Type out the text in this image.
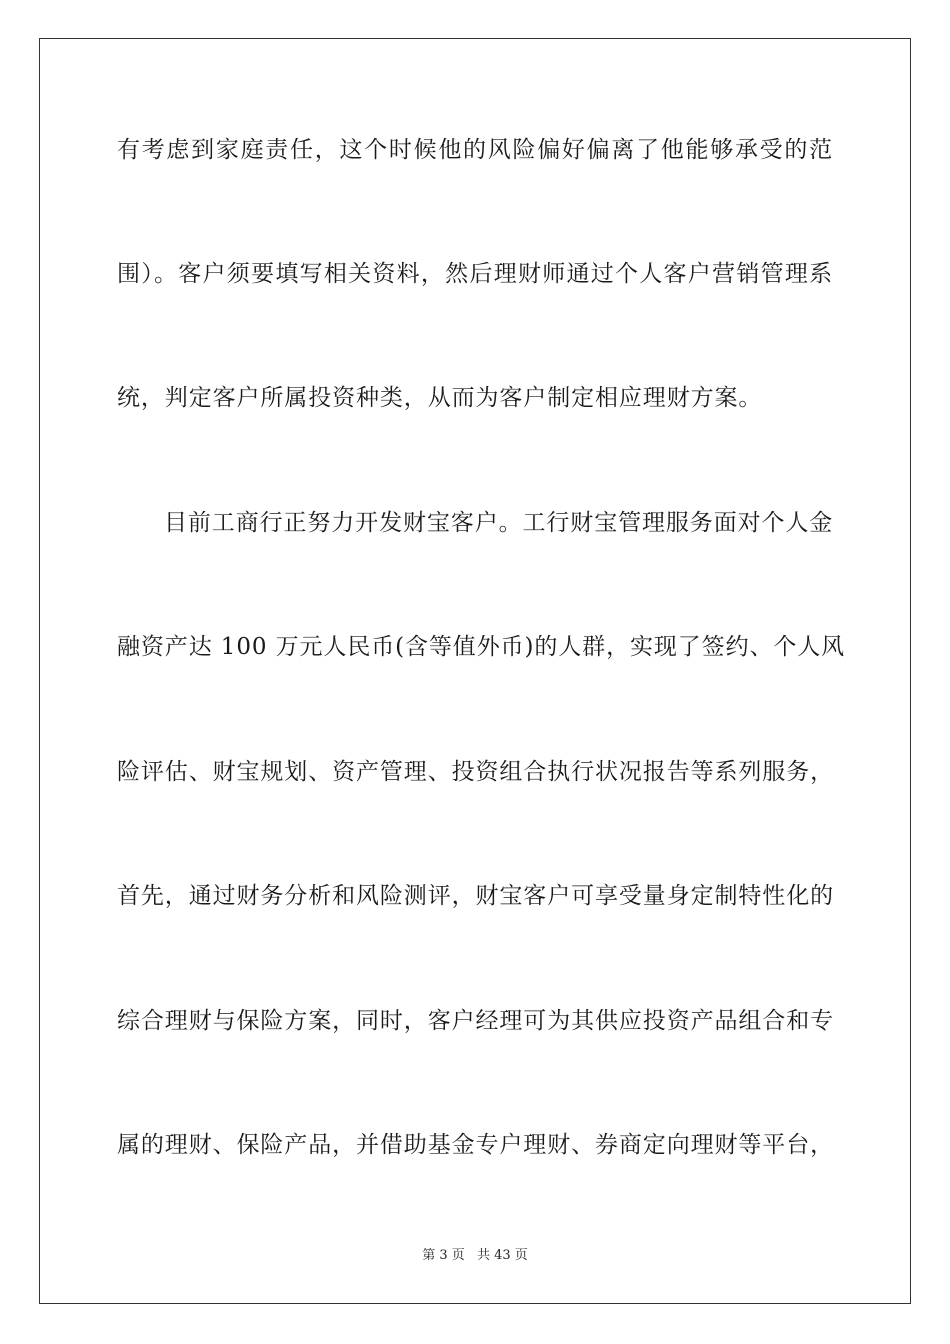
有考虑到家庭责任，这个时候他的风险偏好偏离了他能够承受的范
围）。客户须要填写相关资料，然后理财师通过个人客户营销管理系
统，判定客户所属投资种类，从而为客户制定相应理财方案。
目前工商行正努力开发财宝客户。工行财宝管理服务面对个人金
融资产达 100 万元人民币(含等值外币)的人群，实现了签约、个人风
险评估、财宝规划、资产管理、投资组合执行状况报告等系列服务，
首先，通过财务分析和风险测评，财宝客户可享受量身定制特性化的
综合理财与保险方案，同时，客户经理可为其供应投资产品组合和专
属的理财、保险产品，并借助基金专户理财、券商定向理财等平台，
第 3 页 共 43 页
